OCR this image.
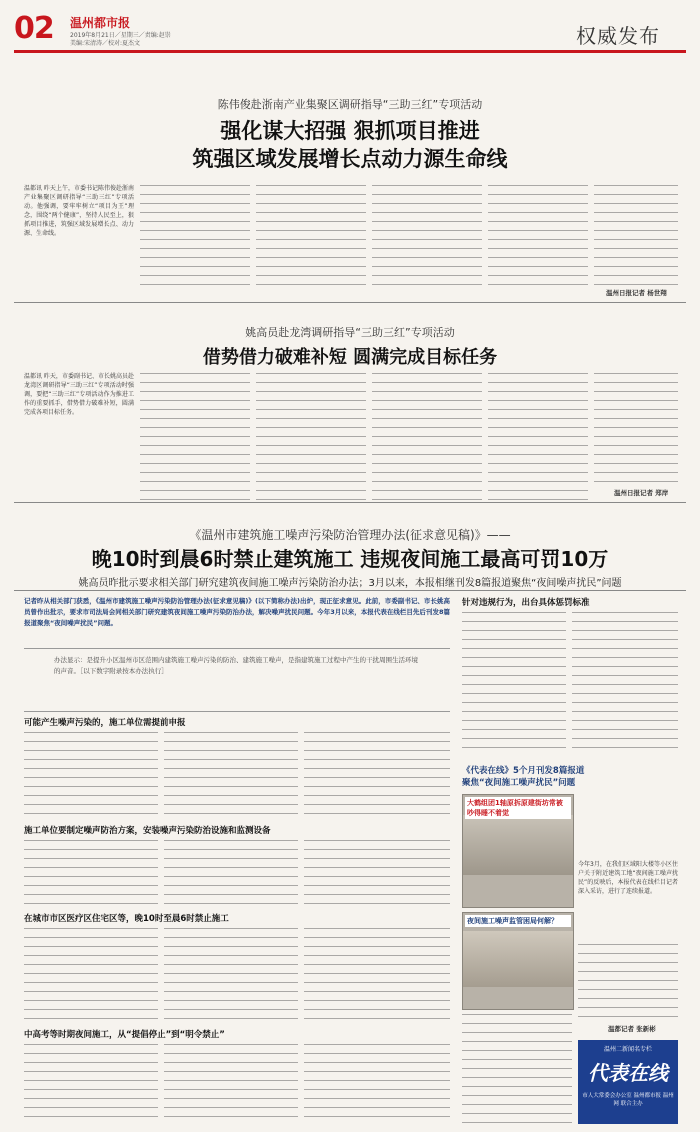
02 温州都市报
2019年8月21日／星期三／责编:赵崇
美编:宋清涛／校对:夏杰文	权威发布
陈伟俊赴浙南产业集聚区调研指导“三助三红”专项活动
强化谋大招强 狠抓项目推进
筑强区域发展增长点动力源生命线
温都讯 昨天上午，市委书记陈伟俊赴浙南产业集聚区调研指导“三助三红”专项活动。他强调，要牢牢树立“项目为王”理念，围绕“两个健康”，坚持人民至上，狠抓项目推进，筑强区域发展增长点、动力源、生命线。
温州日报记者 杨世翔
姚高员赴龙湾调研指导“三助三红”专项活动
借势借力破难补短 圆满完成目标任务
温都讯 昨天，市委副书记、市长姚高员赴龙湾区调研指导“三助三红”专项活动时强调，要把“三助三红”专项活动作为推进工作的重要抓手，借势借力破难补短，圆满完成各项目标任务。
温州日报记者 郑岸
《温州市建筑施工噪声污染防治管理办法(征求意见稿)》——
晚10时到晨6时禁止建筑施工 违规夜间施工最高可罚10万
姚高员昨批示要求相关部门研究建筑夜间施工噪声污染防治办法；3月以来，本报相继刊发8篇报道聚焦“夜间噪声扰民”问题
记者昨从相关部门获悉，《温州市建筑施工噪声污染防治管理办法(征求意见稿)》(以下简称办法)出炉，现正征求意见。此前，市委副书记、市长姚高员曾作出批示，要求市司法局会同相关部门研究建筑夜间施工噪声污染防治办法，解决噪声扰民问题。今年3月以来，本报代表在线栏目先后刊发8篇报道聚焦“夜间噪声扰民”问题。
办法显示：是提升小区温州市区范围内建筑施工噪声污染的防治、建筑施工噪声，是指建筑施工过程中产生的干扰周围生活环境的声音。［以下数字附录按本办法执行］
可能产生噪声污染的，施工单位需提前申报
施工单位要制定噪声防治方案，安装噪声污染防治设施和监测设备
在城市市区医疗区住宅区等，晚10时至晨6时禁止施工
中高考等时期夜间施工，从“提倡停止”到“明令禁止”
针对违规行为，出台具体惩罚标准
《代表在线》5个月刊发8篇报道
聚焦“夜间施工噪声扰民”问题
大鹤组团1轴原拆原建街坊常被吵得睡不着觉
夜间施工噪声监管困局何解？
今年3月，在我们区域阳大楼等小区住户关于附近建筑工地“夜间施工噪声扰民”的反映后，本报代表在线栏目记者深入采访，进行了连续报道。
温都记者 张新彬
温州二新闻名专栏
代表在线
市人大常委会办公室 温州都市报 温州网 联合主办
